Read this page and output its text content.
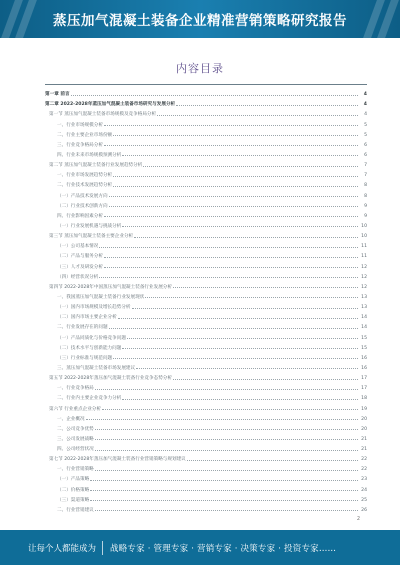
蒸压加气混凝土装备企业精准营销策略研究报告
内容目录
第一章 前言	4
第二章 2022-2028年蒸压加气混凝土装备市场研究与发展分析	4
第一节 蒸压加气混凝土装备市场规模及竞争格局分析	4
一、行业市场规模分析	5
二、行业主要企业市场份额	5
三、行业竞争格局分析	6
四、行业未来市场规模预测分析	6
第二节 蒸压加气混凝土装备行业发展趋势分析	7
一、行业市场发展趋势分析	7
二、行业技术发展趋势分析	8
（一）产品技术发展方向	8
（二）行业技术创新方向	9
四、行业影响因素分析	9
（一）行业发展机遇与挑战分析	10
第三节 蒸压加气混凝土装备主要企业分析	10
（一）公司基本情况	11
（二）产品与服务分析	11
（三）人才及研发分析	12
（四）经营状况分析	12
第四节 2022-2028年中国蒸压加气混凝土装备行业发展分析	12
一、我国蒸压加气混凝土装备行业发展现状	13
（一）国内市场规模及增长趋势分析	13
（二）国内市场主要企业分析	14
二、行业发展存在的问题	14
（一）产品同质化与价格竞争问题	15
（二）技术水平与创新能力问题	15
（三）行业标准与规范问题	16
三、蒸压加气混凝土装备市场发展建议	16
第五节 2022-2028年蒸压加气混凝土装备行业竞争态势分析	17
一、行业竞争格局	17
二、行业内主要企业竞争力分析	18
第六节 行业重点企业分析	19
一、企业概况	20
二、公司竞争优势	20
三、公司发展战略	21
四、公司经营状况	21
第七节 2022-2028年蒸压加气混凝土装备行业营销策略与规划建议	22
一、行业营销策略	22
（一）产品策略	23
（二）价格策略	24
（三）渠道策略	25
二、行业营销建议	26
2
让每个人都能成为 战略专家 · 管理专家 · 营销专家 · 决策专家 · 投资专家……
